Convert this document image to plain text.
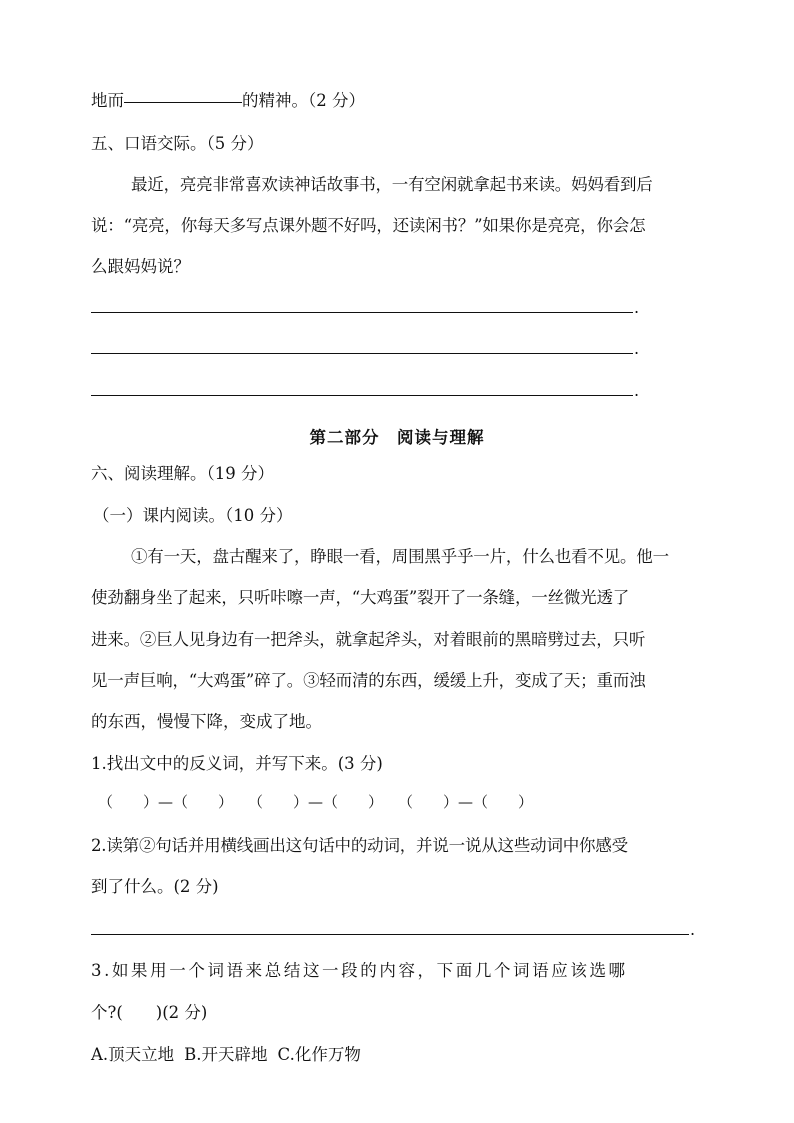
地而	的精神。（2 分）
五、口语交际。（5 分）
最近，亮亮非常喜欢读神话故事书，一有空闲就拿起书来读。妈妈看到后
说：“亮亮，你每天多写点课外题不好吗，还读闲书？”如果你是亮亮，你会怎
么跟妈妈说？
.
.
.
第二部分　阅读与理解
六、阅读理解。（19 分）
（一）课内阅读。（10 分）
①有一天，盘古醒来了，睁眼一看，周围黑乎乎一片，什么也看不见。他一
使劲翻身坐了起来，只听咔嚓一声，“大鸡蛋”裂开了一条缝，一丝微光透了
进来。②巨人见身边有一把斧头，就拿起斧头，对着眼前的黑暗劈过去，只听
见一声巨响，“大鸡蛋”碎了。③轻而清的东西，缓缓上升，变成了天；重而浊
的东西，慢慢下降，变成了地。
1.找出文中的反义词，并写下来。(3 分)
（　　）—（　　）　　（　　）—（　　）　　（　　）—（　　）
2.读第②句话并用横线画出这句话中的动词，并说一说从这些动词中你感受
到了什么。(2 分)
.
3.如果用一个词语来总结这一段的内容，下面几个词语应该选哪
个?(　　)(2 分)
A.顶天立地 B.开天辟地 C.化作万物
